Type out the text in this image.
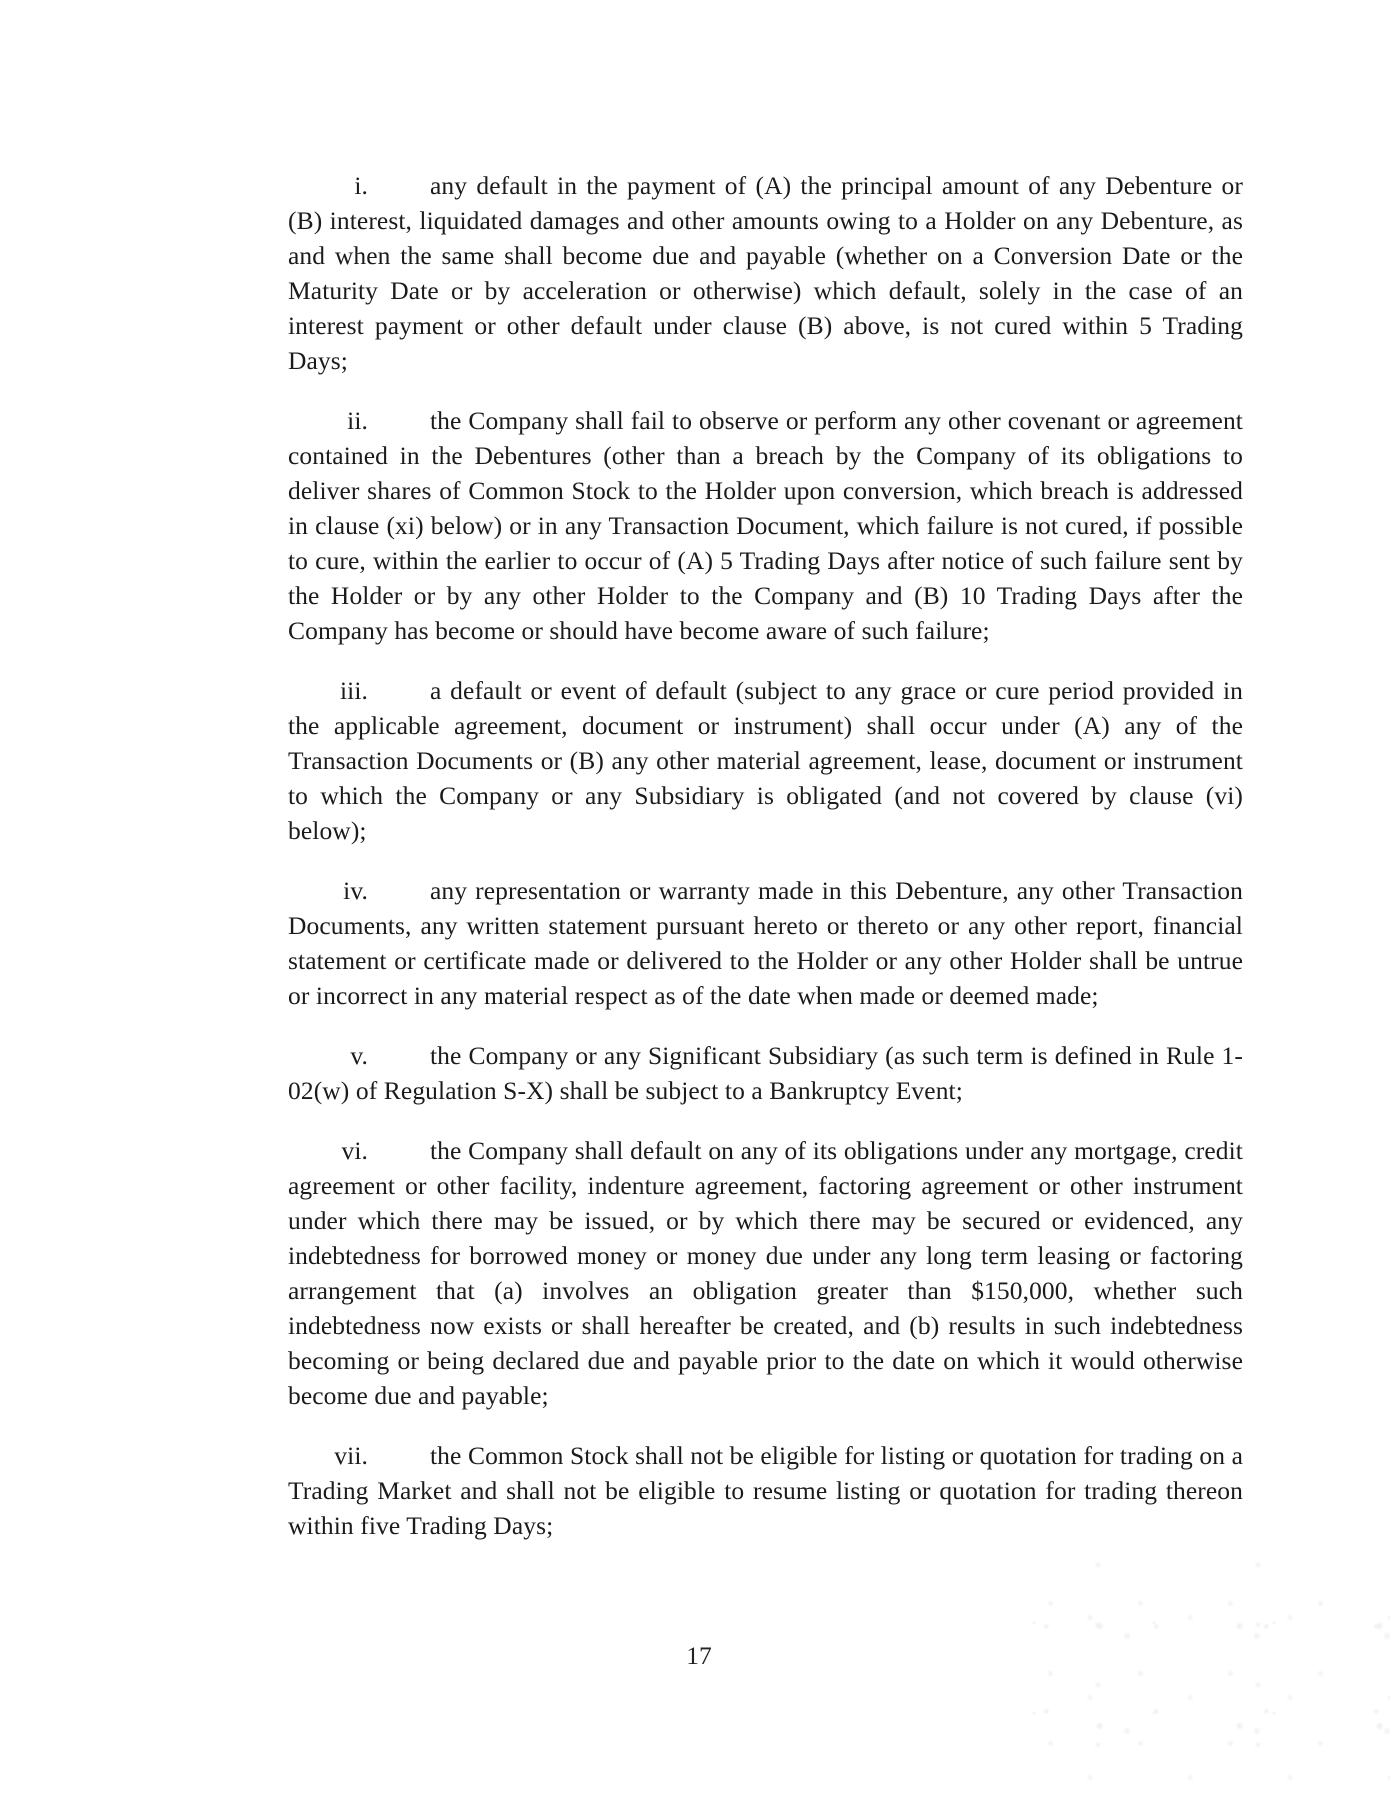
i. any default in the payment of (A) the principal amount of any Debenture or (B) interest, liquidated damages and other amounts owing to a Holder on any Debenture, as and when the same shall become due and payable (whether on a Conversion Date or the Maturity Date or by acceleration or otherwise) which default, solely in the case of an interest payment or other default under clause (B) above, is not cured within 5 Trading Days;

ii. the Company shall fail to observe or perform any other covenant or agreement contained in the Debentures (other than a breach by the Company of its obligations to deliver shares of Common Stock to the Holder upon conversion, which breach is addressed in clause (xi) below) or in any Transaction Document, which failure is not cured, if possible to cure, within the earlier to occur of (A) 5 Trading Days after notice of such failure sent by the Holder or by any other Holder to the Company and (B) 10 Trading Days after the Company has become or should have become aware of such failure;

iii. a default or event of default (subject to any grace or cure period provided in the applicable agreement, document or instrument) shall occur under (A) any of the Transaction Documents or (B) any other material agreement, lease, document or instrument to which the Company or any Subsidiary is obligated (and not covered by clause (vi) below);

iv. any representation or warranty made in this Debenture, any other Transaction Documents, any written statement pursuant hereto or thereto or any other report, financial statement or certificate made or delivered to the Holder or any other Holder shall be untrue or incorrect in any material respect as of the date when made or deemed made;

v. the Company or any Significant Subsidiary (as such term is defined in Rule 1-02(w) of Regulation S-X) shall be subject to a Bankruptcy Event;

vi. the Company shall default on any of its obligations under any mortgage, credit agreement or other facility, indenture agreement, factoring agreement or other instrument under which there may be issued, or by which there may be secured or evidenced, any indebtedness for borrowed money or money due under any long term leasing or factoring arrangement that (a) involves an obligation greater than $150,000, whether such indebtedness now exists or shall hereafter be created, and (b) results in such indebtedness becoming or being declared due and payable prior to the date on which it would otherwise become due and payable;

vii. the Common Stock shall not be eligible for listing or quotation for trading on a Trading Market and shall not be eligible to resume listing or quotation for trading thereon within five Trading Days;

17
